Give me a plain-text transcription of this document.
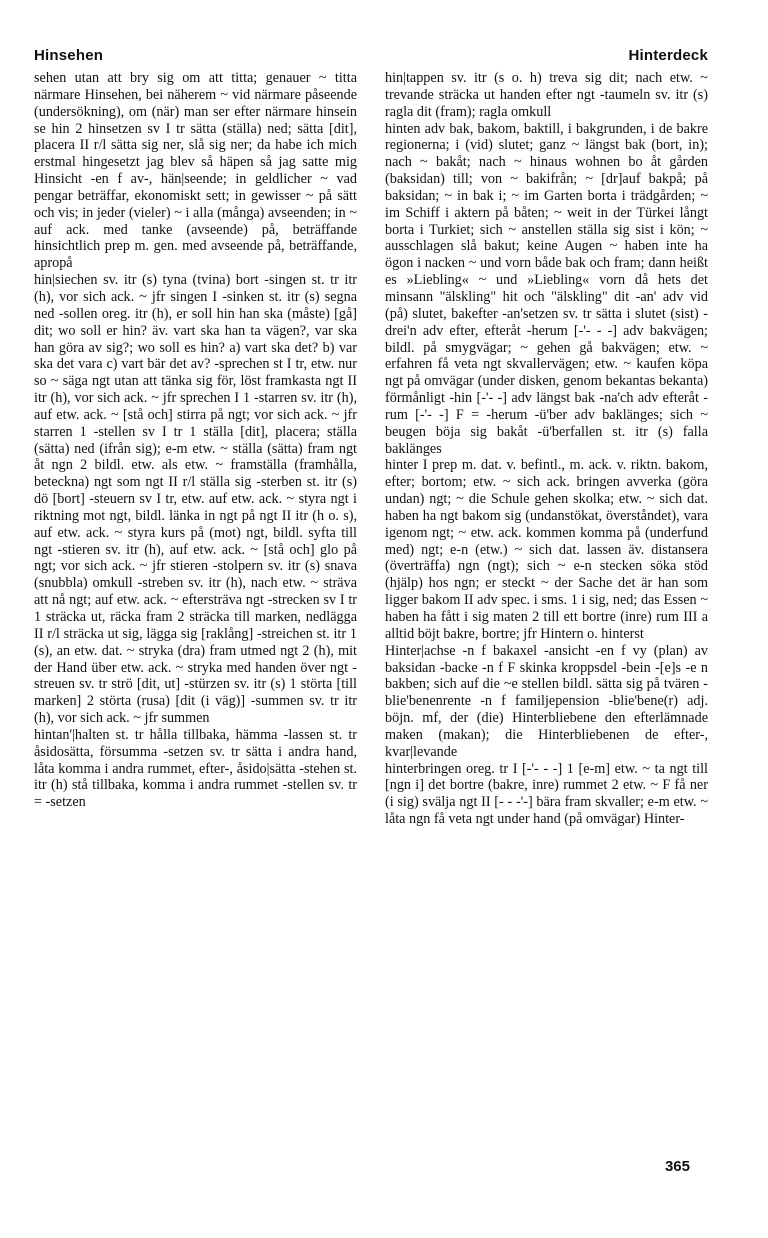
Hinsehen	Hinterdeck

sehen utan att bry sig om att titta; genauer ~ titta närmare Hinsehen, bei näherem ~ vid närmare påseende (undersökning), om (när) man ser efter närmare hinsein se hin 2 hinsetzen sv I tr sätta (ställa) ned; sätta [dit], placera II r/l sätta sig ner, slå sig ner; da habe ich mich erstmal hingesetzt jag blev så häpen så jag satte mig Hinsicht -en f av-, hän|seende; in geldlicher ~ vad pengar beträffar, ekonomiskt sett; in gewisser ~ på sätt och vis; in jeder (vieler) ~ i alla (många) avseenden; in ~ auf ack. med tanke (avseende) på, beträffande hinsichtlich prep m. gen. med avseende på, beträffande, apropå

hin|siechen sv. itr (s) tyna (tvina) bort -singen st. tr itr (h), vor sich ack. ~ jfr singen I -sinken st. itr (s) segna ned -sollen oreg. itr (h), er soll hin han ska (måste) [gå] dit; wo soll er hin? äv. vart ska han ta vägen?, var ska han göra av sig?; wo soll es hin? a) vart ska det? b) var ska det vara c) vart bär det av? -sprechen st I tr, etw. nur so ~ säga ngt utan att tänka sig för, löst framkasta ngt II itr (h), vor sich ack. ~ jfr sprechen I 1 -starren sv. itr (h), auf etw. ack. ~ [stå och] stirra på ngt; vor sich ack. ~ jfr starren 1 -stellen sv I tr 1 ställa [dit], placera; ställa (sätta) ned (ifrån sig); e-m etw. ~ ställa (sätta) fram ngt åt ngn 2 bildl. etw. als etw. ~ framställa (framhålla, beteckna) ngt som ngt II r/l ställa sig -sterben st. itr (s) dö [bort] -steuern sv I tr, etw. auf etw. ack. ~ styra ngt i riktning mot ngt, bildl. länka in ngt på ngt II itr (h o. s), auf etw. ack. ~ styra kurs på (mot) ngt, bildl. syfta till ngt -stieren sv. itr (h), auf etw. ack. ~ [stå och] glo på ngt; vor sich ack. ~ jfr stieren -stolpern sv. itr (s) snava (snubbla) omkull -streben sv. itr (h), nach etw. ~ sträva att nå ngt; auf etw. ack. ~ eftersträva ngt -strecken sv I tr 1 sträcka ut, räcka fram 2 sträcka till marken, nedlägga II r/l sträcka ut sig, lägga sig [raklång] -streichen st. itr 1 (s), an etw. dat. ~ stryka (dra) fram utmed ngt 2 (h), mit der Hand über etw. ack. ~ stryka med handen över ngt -streuen sv. tr strö [dit, ut] -stürzen sv. itr (s) 1 störta [till marken] 2 störta (rusa) [dit (i väg)] -summen sv. tr itr (h), vor sich ack. ~ jfr summen

hintan'|halten st. tr hålla tillbaka, hämma -lassen st. tr åsidosätta, försumma -setzen sv. tr sätta i andra hand, låta komma i andra rummet, efter-, åsido|sätta -stehen st. itr (h) stå tillbaka, komma i andra rummet -stellen sv. tr = -setzen

hin|tappen sv. itr (s o. h) treva sig dit; nach etw. ~ trevande sträcka ut handen efter ngt -taumeln sv. itr (s) ragla dit (fram); ragla omkull

hinten adv bak, bakom, baktill, i bakgrunden, i de bakre regionerna; i (vid) slutet; ganz ~ längst bak (bort, in); nach ~ bakåt; nach ~ hinaus wohnen bo åt gården (baksidan) till; von ~ bakifrån; ~ [dr]auf bakpå; på baksidan; ~ in bak i; ~ im Garten borta i trädgården; ~ im Schiff i aktern på båten; ~ weit in der Türkei långt borta i Turkiet; sich ~ anstellen ställa sig sist i kön; ~ ausschlagen slå bakut; keine Augen ~ haben inte ha ögon i nacken ~ und vorn både bak och fram; dann heißt es »Liebling« ~ und »Liebling« vorn då hets det minsann "älskling" hit och "älskling" dit -an' adv vid (på) slutet, bakefter -an'setzen sv. tr sätta i slutet (sist) -drei'n adv efter, efteråt -herum [-'- - -] adv bakvägen; bildl. på smygvägar; ~ gehen gå bakvägen; etw. ~ erfahren få veta ngt skvallervägen; etw. ~ kaufen köpa ngt på omvägar (under disken, genom bekantas bekanta) förmånligt -hin [-'- -] adv längst bak -na'ch adv efteråt -rum [-'- -] F = -herum -ü'ber adv baklänges; sich ~ beugen böja sig bakåt -ü'berfallen st. itr (s) falla baklänges

hinter I prep m. dat. v. befintl., m. ack. v. riktn. bakom, efter; bortom; etw. ~ sich ack. bringen avverka (göra undan) ngt; ~ die Schule gehen skolka; etw. ~ sich dat. haben ha ngt bakom sig (undanstökat, överståndet), vara igenom ngt; ~ etw. ack. kommen komma på (underfund med) ngt; e-n (etw.) ~ sich dat. lassen äv. distansera (överträffa) ngn (ngt); sich ~ e-n stecken söka stöd (hjälp) hos ngn; er steckt ~ der Sache det är han som ligger bakom II adv spec. i sms. 1 i sig, ned; das Essen ~ haben ha fått i sig maten 2 till ett bortre (inre) rum III a alltid böjt bakre, bortre; jfr Hintern o. hinterst

Hinter|achse -n f bakaxel -ansicht -en f vy (plan) av baksidan -backe -n f F skinka kroppsdel -bein -[e]s -e n bakben; sich auf die ~e stellen bildl. sätta sig på tvären -blie'benenrente -n f familjepension -blie'bene(r) adj. böjn. mf, der (die) Hinterbliebene den efterlämnade maken (makan); die Hinterbliebenen de efter-, kvar|levande

hinterbringen oreg. tr I [-'- - -] 1 [e-m] etw. ~ ta ngt till [ngn i] det bortre (bakre, inre) rummet 2 etw. ~ F få ner (i sig) svälja ngt II [- - -'-] bära fram skvaller; e-m etw. ~ låta ngn få veta ngt under hand (på omvägar) Hinter-

365
